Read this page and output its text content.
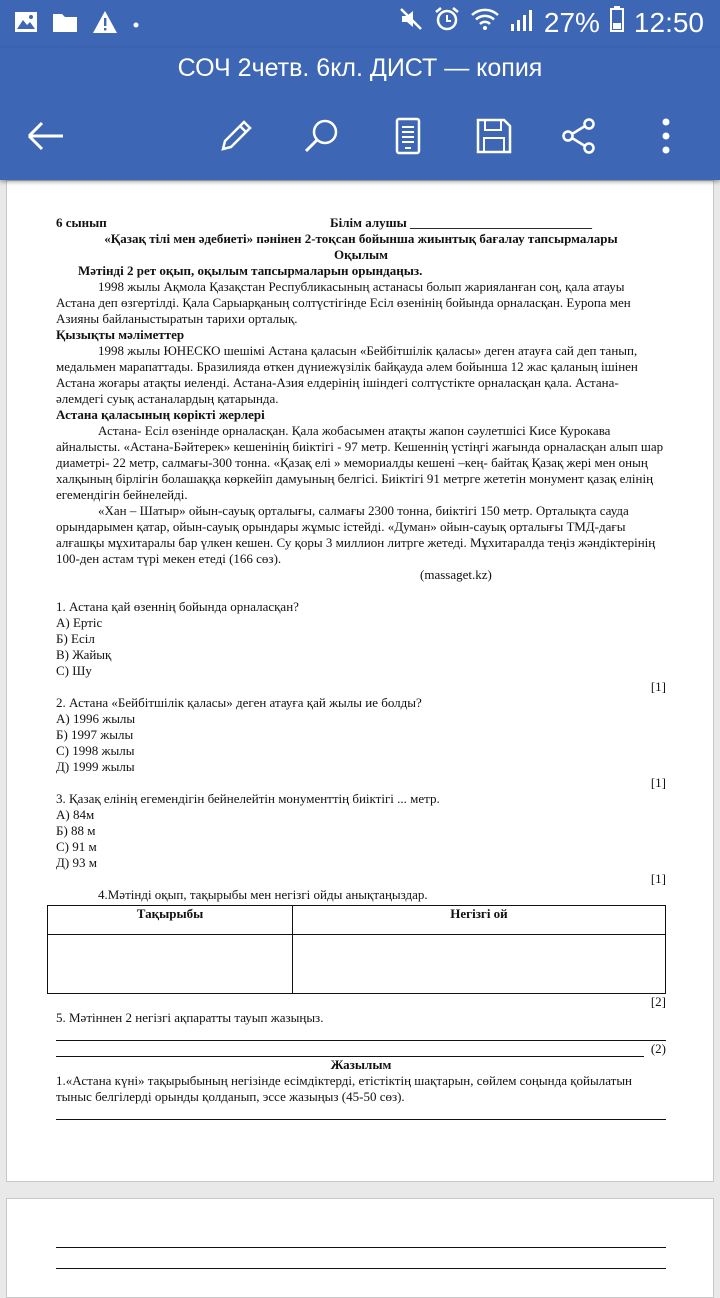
27% 12:50
СОЧ 2четв. 6кл. ДИСТ — копия

6 сынып	Білім алушы ____________________________

«Қазақ тілі мен әдебиеті» пәнінен 2-тоқсан бойынша жиынтық бағалау тапсырмалары

Оқылым

Мәтінді 2 рет оқып, оқылым тапсырмаларын орындаңыз.

1998 жылы Ақмола Қазақстан Республикасының астанасы болып жарияланған соң, қала атауы Астана деп өзгертілді. Қала Сарыарқаның солтүстігінде Есіл өзенінің бойында орналасқан. Еуропа мен Азияны байланыстыратын тарихи орталық.

Қызықты мәліметтер

1998 жылы ЮНЕСКО шешімі Астана қаласын «Бейбітшілік қаласы» деген атауға сай деп танып, медальмен марапаттады. Бразилияда өткен дүниежүзілік байқауда әлем бойынша 12 жас қаланың ішінен Астана жоғары атақты иеленді. Астана-Азия елдерінің ішіндегі солтүстікте орналасқан қала. Астана-әлемдегі суық астаналардың қатарында.

Астана қаласының көрікті жерлері

Астана- Есіл өзенінде орналасқан. Қала жобасымен атақты жапон сәулетшісі Кисе Курокава айналысты. «Астана-Бәйтерек» кешенінің биіктігі - 97 метр. Кешеннің үстіңгі жағында орналасқан алып шар диаметрі- 22 метр, салмағы-300 тонна. «Қазақ елі » мемориалды кешені –кең- байтақ Қазақ жері мен оның халқының бірлігін болашаққа көркейіп дамуының белгісі. Биіктігі 91 метрге жететін монумент қазақ елінің егемендігін бейнелейді.

«Хан – Шатыр» ойын-сауық орталығы, салмағы 2300 тонна, биіктігі 150 метр. Орталықта сауда орындарымен қатар, ойын-сауық орындары жұмыс істейді. «Думан» ойын-сауық орталығы ТМД-дағы алғашқы мұхитаралы бар үлкен кешен. Су қоры 3 миллион литрге жетеді. Мұхитаралда теңіз жәндіктерінің 100-ден астам түрі мекен етеді (166 сөз).

(massaget.kz)

1. Астана қай өзеннің бойында орналасқан?

А) Ертіс

Б) Есіл

В) Жайық

С) Шу

[1]

2. Астана «Бейбітшілік қаласы» деген атауға қай жылы ие болды?

А) 1996 жылы

Б) 1997 жылы

С) 1998 жылы

Д) 1999 жылы

[1]

3. Қазақ елінің егемендігін бейнелейтін монументтің биіктігі ... метр.

А) 84м

Б) 88 м

С) 91 м

Д) 93 м

[1]

4.Мәтінді оқып, тақырыбы мен негізгі ойды анықтаңыздар.

Тақырыбы	Негізгі ой

[2]

5. Мәтіннен 2 негізгі ақпаратты тауып жазыңыз.

(2)

Жазылым

1.«Астана күні» тақырыбының негізінде есімдіктерді, етістіктің шақтарын, сөйлем соңында қойылатын тыныс белгілерді орынды қолданып, эссе жазыңыз (45-50 сөз).
